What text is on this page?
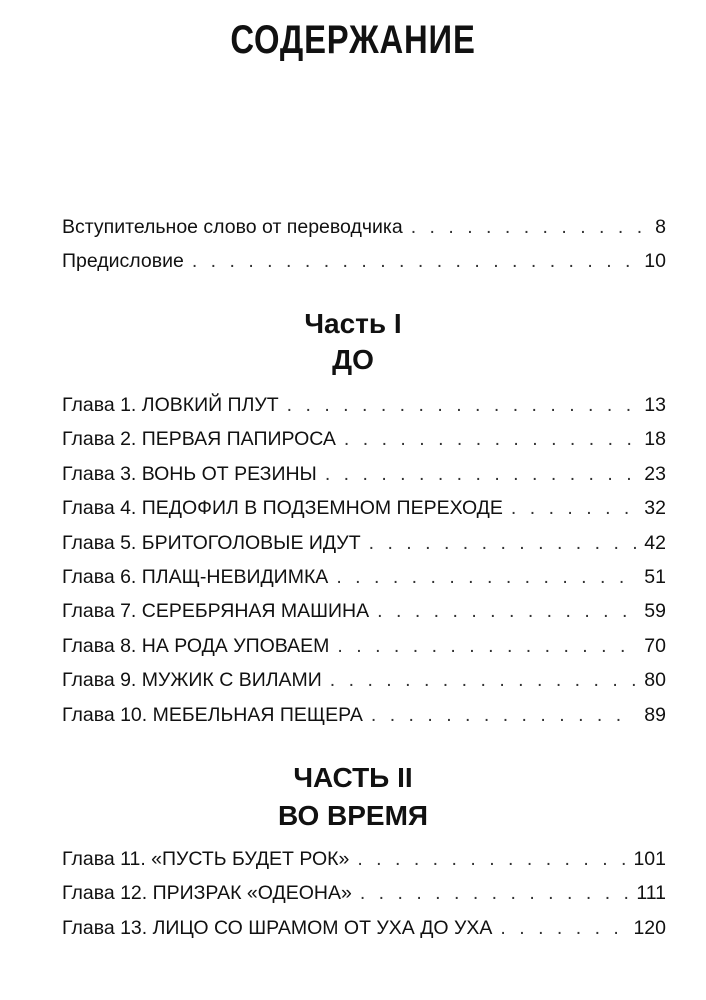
СОДЕРЖАНИЕ
Вступительное слово от переводчика . . .	8
Предисловие . . .	10
Часть I
ДО
Глава 1. ЛОВКИЙ ПЛУТ . . .	13
Глава 2. ПЕРВАЯ ПАПИРОСА . . .	18
Глава 3. ВОНЬ ОТ РЕЗИНЫ . . .	23
Глава 4. ПЕДОФИЛ В ПОДЗЕМНОМ ПЕРЕХОДЕ . . .	32
Глава 5. БРИТОГОЛОВЫЕ ИДУТ . . .	42
Глава 6. ПЛАЩ-НЕВИДИМКА . . .	51
Глава 7. СЕРЕБРЯНАЯ МАШИНА . . .	59
Глава 8. НА РОДА УПОВАЕМ . . .	70
Глава 9. МУЖИК С ВИЛАМИ . . .	80
Глава 10. МЕБЕЛЬНАЯ ПЕЩЕРА . . .	89
ЧАСТЬ II
ВО ВРЕМЯ
Глава 11. «ПУСТЬ БУДЕТ РОК» . . .	101
Глава 12. ПРИЗРАК «ОДЕОНА» . . .	111
Глава 13. ЛИЦО СО ШРАМОМ ОТ УХА ДО УХА . . .	120
